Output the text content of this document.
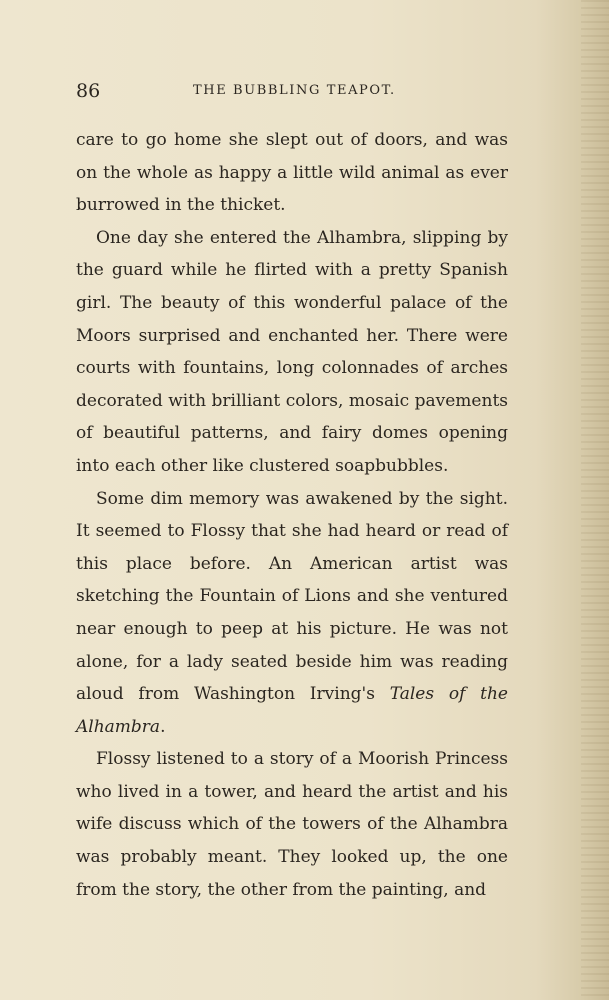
86	THE BUBBLING TEAPOT.

care to go home she slept out of doors, and was on the whole as happy a little wild animal as ever burrowed in the thicket.

One day she entered the Alhambra, slipping by the guard while he flirted with a pretty Spanish girl. The beauty of this wonderful palace of the Moors surprised and enchanted her. There were courts with fountains, long colonnades of arches decorated with brilliant colors, mosaic pavements of beautiful patterns, and fairy domes opening into each other like clustered soapbubbles.

Some dim memory was awakened by the sight. It seemed to Flossy that she had heard or read of this place before. An American artist was sketching the Fountain of Lions and she ventured near enough to peep at his picture. He was not alone, for a lady seated beside him was reading aloud from Washington Irving's Tales of the Alhambra.

Flossy listened to a story of a Moorish Princess who lived in a tower, and heard the artist and his wife discuss which of the towers of the Alhambra was probably meant. They looked up, the one from the story, the other from the painting, and
